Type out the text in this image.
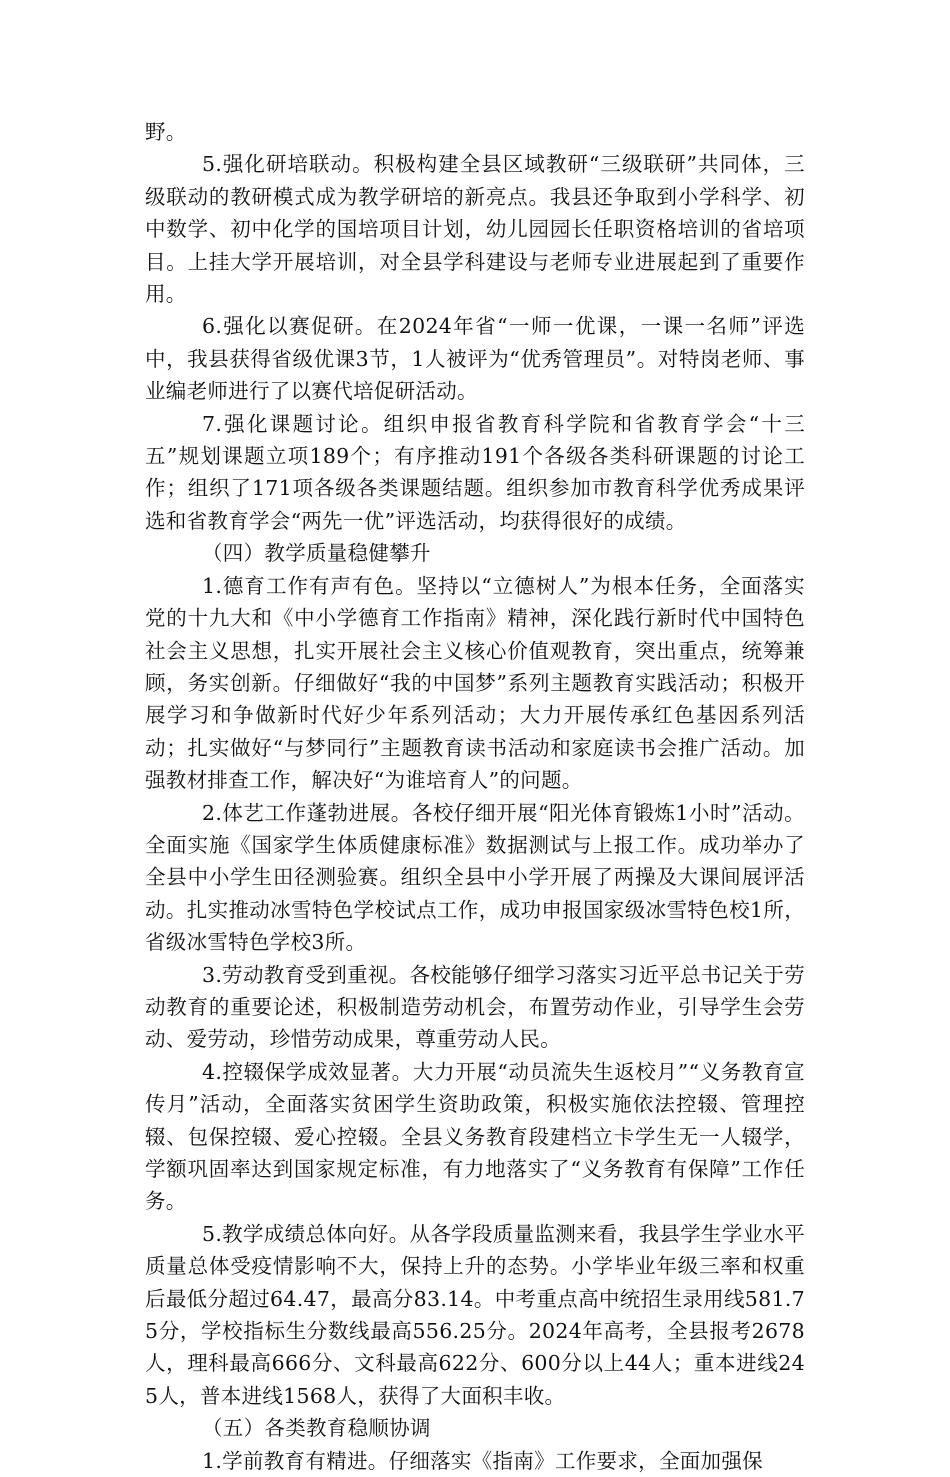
野。

5.强化研培联动。积极构建全县区域教研“三级联研”共同体，三级联动的教研模式成为教学研培的新亮点。我县还争取到小学科学、初中数学、初中化学的国培项目计划，幼儿园园长任职资格培训的省培项目。上挂大学开展培训，对全县学科建设与老师专业进展起到了重要作用。

6.强化以赛促研。在2024年省“一师一优课，一课一名师”评选中，我县获得省级优课3节，1人被评为“优秀管理员”。对特岗老师、事业编老师进行了以赛代培促研活动。

7.强化课题讨论。组织申报省教育科学院和省教育学会“十三五”规划课题立项189个；有序推动191个各级各类科研课题的讨论工作；组织了171项各级各类课题结题。组织参加市教育科学优秀成果评选和省教育学会“两先一优”评选活动，均获得很好的成绩。

（四）教学质量稳健攀升

1.德育工作有声有色。坚持以“立德树人”为根本任务，全面落实党的十九大和《中小学德育工作指南》精神，深化践行新时代中国特色社会主义思想，扎实开展社会主义核心价值观教育，突出重点，统筹兼顾，务实创新。仔细做好“我的中国梦”系列主题教育实践活动；积极开展学习和争做新时代好少年系列活动；大力开展传承红色基因系列活动；扎实做好“与梦同行”主题教育读书活动和家庭读书会推广活动。加强教材排查工作，解决好“为谁培育人”的问题。

2.体艺工作蓬勃进展。各校仔细开展“阳光体育锻炼1小时”活动。全面实施《国家学生体质健康标准》数据测试与上报工作。成功举办了全县中小学生田径测验赛。组织全县中小学开展了两操及大课间展评活动。扎实推动冰雪特色学校试点工作，成功申报国家级冰雪特色校1所，省级冰雪特色学校3所。

3.劳动教育受到重视。各校能够仔细学习落实习近平总书记关于劳动教育的重要论述，积极制造劳动机会，布置劳动作业，引导学生会劳动、爱劳动，珍惜劳动成果，尊重劳动人民。

4.控辍保学成效显著。大力开展“动员流失生返校月”“义务教育宣传月”活动，全面落实贫困学生资助政策，积极实施依法控辍、管理控辍、包保控辍、爱心控辍。全县义务教育段建档立卡学生无一人辍学，学额巩固率达到国家规定标准，有力地落实了“义务教育有保障”工作任务。

5.教学成绩总体向好。从各学段质量监测来看，我县学生学业水平质量总体受疫情影响不大，保持上升的态势。小学毕业年级三率和权重后最低分超过64.47，最高分83.14。中考重点高中统招生录用线581.75分，学校指标生分数线最高556.25分。2024年高考，全县报考2678人，理科最高666分、文科最高622分、600分以上44人；重本进线245人，普本进线1568人，获得了大面积丰收。

（五）各类教育稳顺协调

1.学前教育有精进。仔细落实《指南》工作要求，全面加强保
